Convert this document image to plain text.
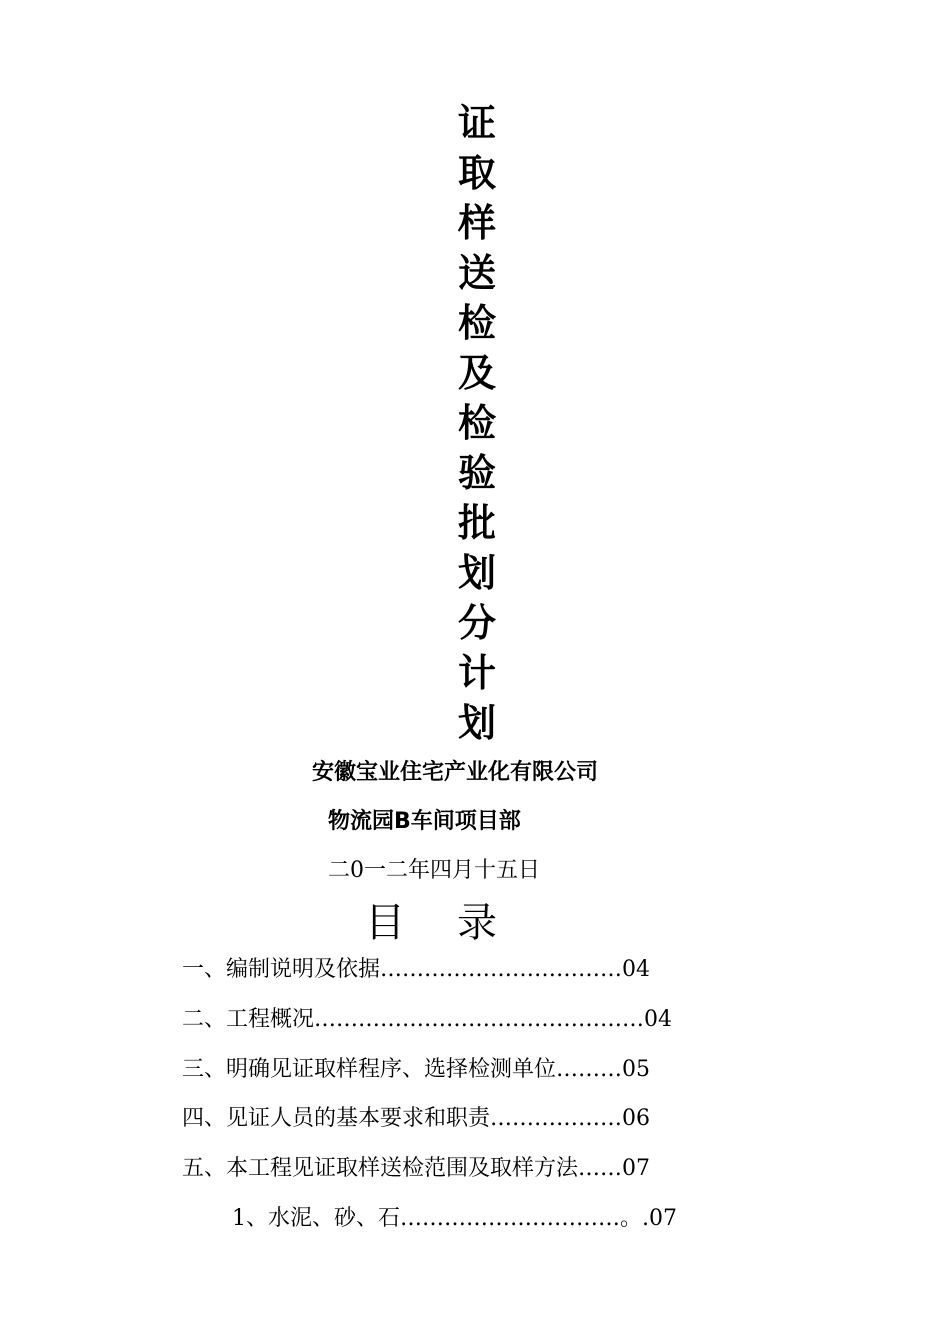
证
取
样
送
检
及
检
验
批
划
分
计
划
安徽宝业住宅产业化有限公司
物流园B车间项目部
二0一二年四月十五日
目录
一、编制说明及依据……………………………04
二、工程概况………………………………………04
三、明确见证取样程序、选择检测单位………05
四、见证人员的基本要求和职责………………06
五、本工程见证取样送检范围及取样方法……07
1、水泥、砂、石…………………………。.07
